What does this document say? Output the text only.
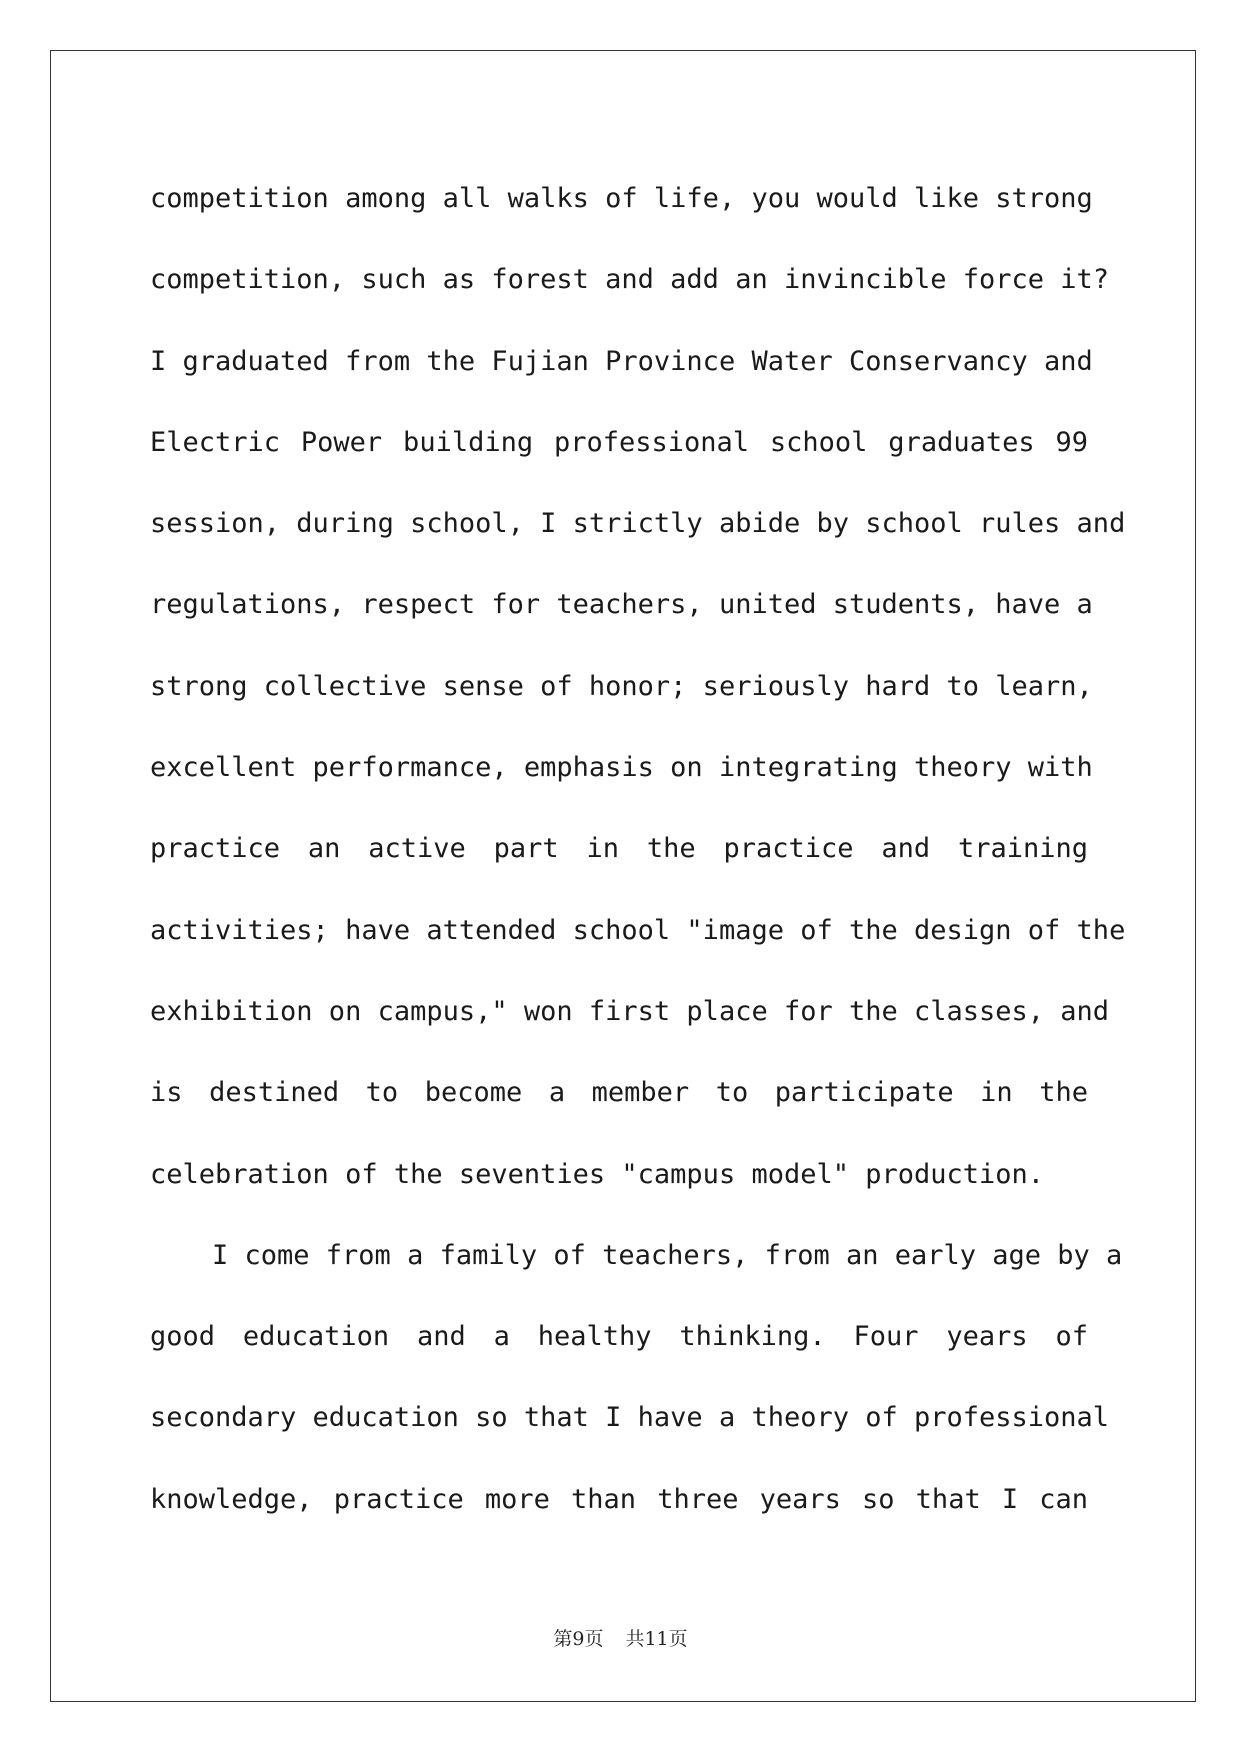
competition among all walks of life, you would like strong
competition, such as forest and add an invincible force it?
I graduated from the Fujian Province Water Conservancy and
Electric Power building professional school graduates 99
session, during school, I strictly abide by school rules and
regulations, respect for teachers, united students, have a
strong collective sense of honor; seriously hard to learn,
excellent performance, emphasis on integrating theory with
practice an active part in the practice and training
activities; have attended school "image of the design of the
exhibition on campus," won first place for the classes, and
is destined to become a member to participate in the
celebration of the seventies "campus model" production.
I come from a family of teachers, from an early age by a
good education and a healthy thinking. Four years of
secondary education so that I have a theory of professional
knowledge, practice more than three years so that I can
第9页 共11页
